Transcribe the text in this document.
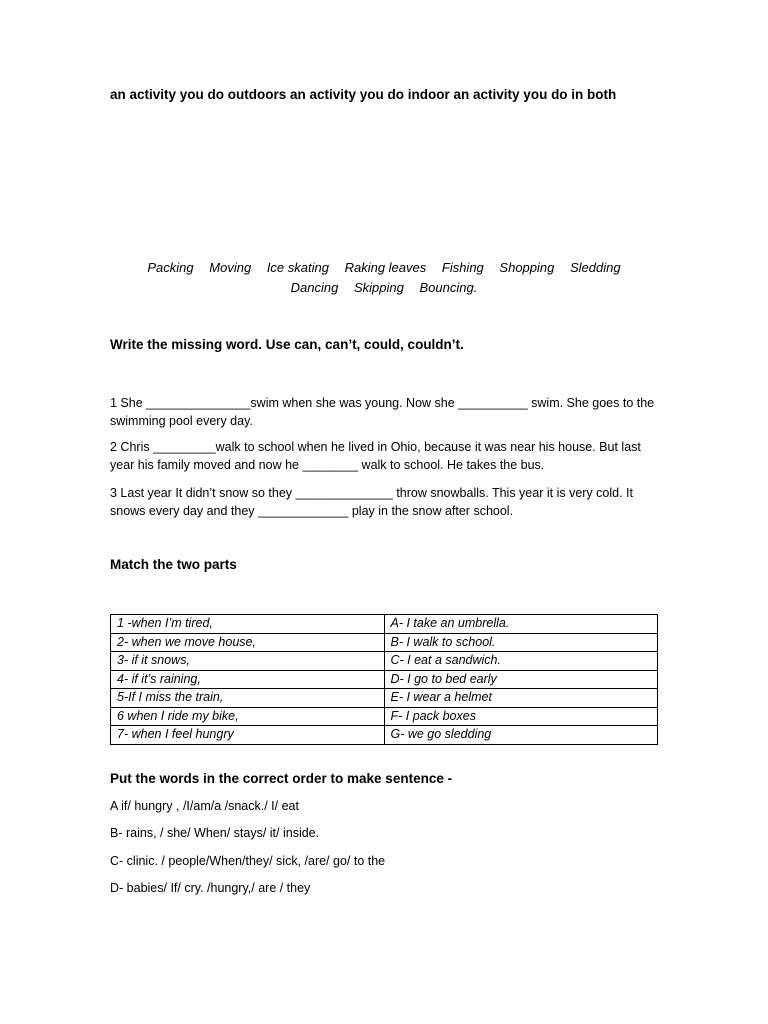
an activity you do outdoors an activity you do indoor an activity you do in both
Packing Moving Ice skating Raking leaves Fishing Shopping Sledding
Dancing Skipping Bouncing.
Write the missing word. Use can, can’t, could, couldn’t.
1 She _______________swim when she was young. Now she __________ swim. She goes to the swimming pool every day.
2 Chris _________walk to school when he lived in Ohio, because it was near his house. But last year his family moved and now he ________ walk to school. He takes the bus.
3 Last year It didn’t snow so they ______________ throw snowballs. This year it is very cold. It snows every day and they _____________ play in the snow after school.
Match the two parts
1 -when I’m tired,	A- I take an umbrella.
2- when we move house,	B- I walk to school.
3- if it snows,	C- I eat a sandwich.
4- if it’s raining,	D- I go to bed early
5-If I miss the train,	E- I wear a helmet
6 when I ride my bike,	F- I pack boxes
7- when I feel hungry	G- we go sledding
Put the words in the correct order to make sentence -
A if/ hungry , /I/am/a /snack./ I/ eat
B- rains, / she/ When/ stays/ it/ inside.
C- clinic. / people/When/they/ sick, /are/ go/ to the
D- babies/ If/ cry. /hungry,/ are / they
